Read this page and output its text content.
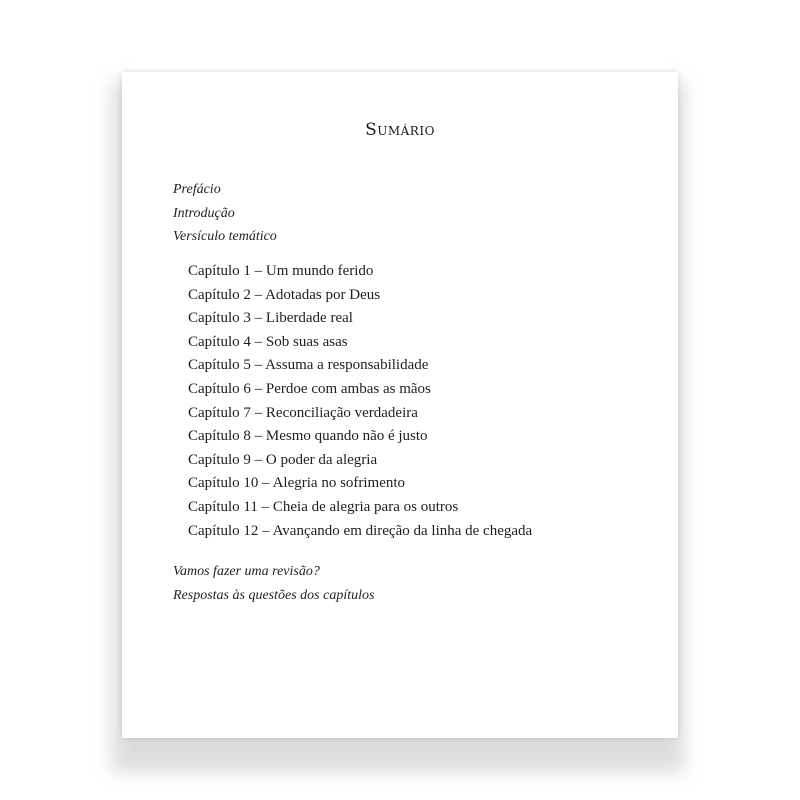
Sumário
Prefácio
Introdução
Versículo temático
Capítulo 1 – Um mundo ferido
Capítulo 2 – Adotadas por Deus
Capítulo 3 – Liberdade real
Capítulo 4 – Sob suas asas
Capítulo 5 – Assuma a responsabilidade
Capítulo 6 – Perdoe com ambas as mãos
Capítulo 7 – Reconciliação verdadeira
Capítulo 8 – Mesmo quando não é justo
Capítulo 9 – O poder da alegria
Capítulo 10 – Alegria no sofrimento
Capítulo 11 – Cheia de alegria para os outros
Capítulo 12 – Avançando em direção da linha de chegada
Vamos fazer uma revisão?
Respostas às questões dos capítulos
